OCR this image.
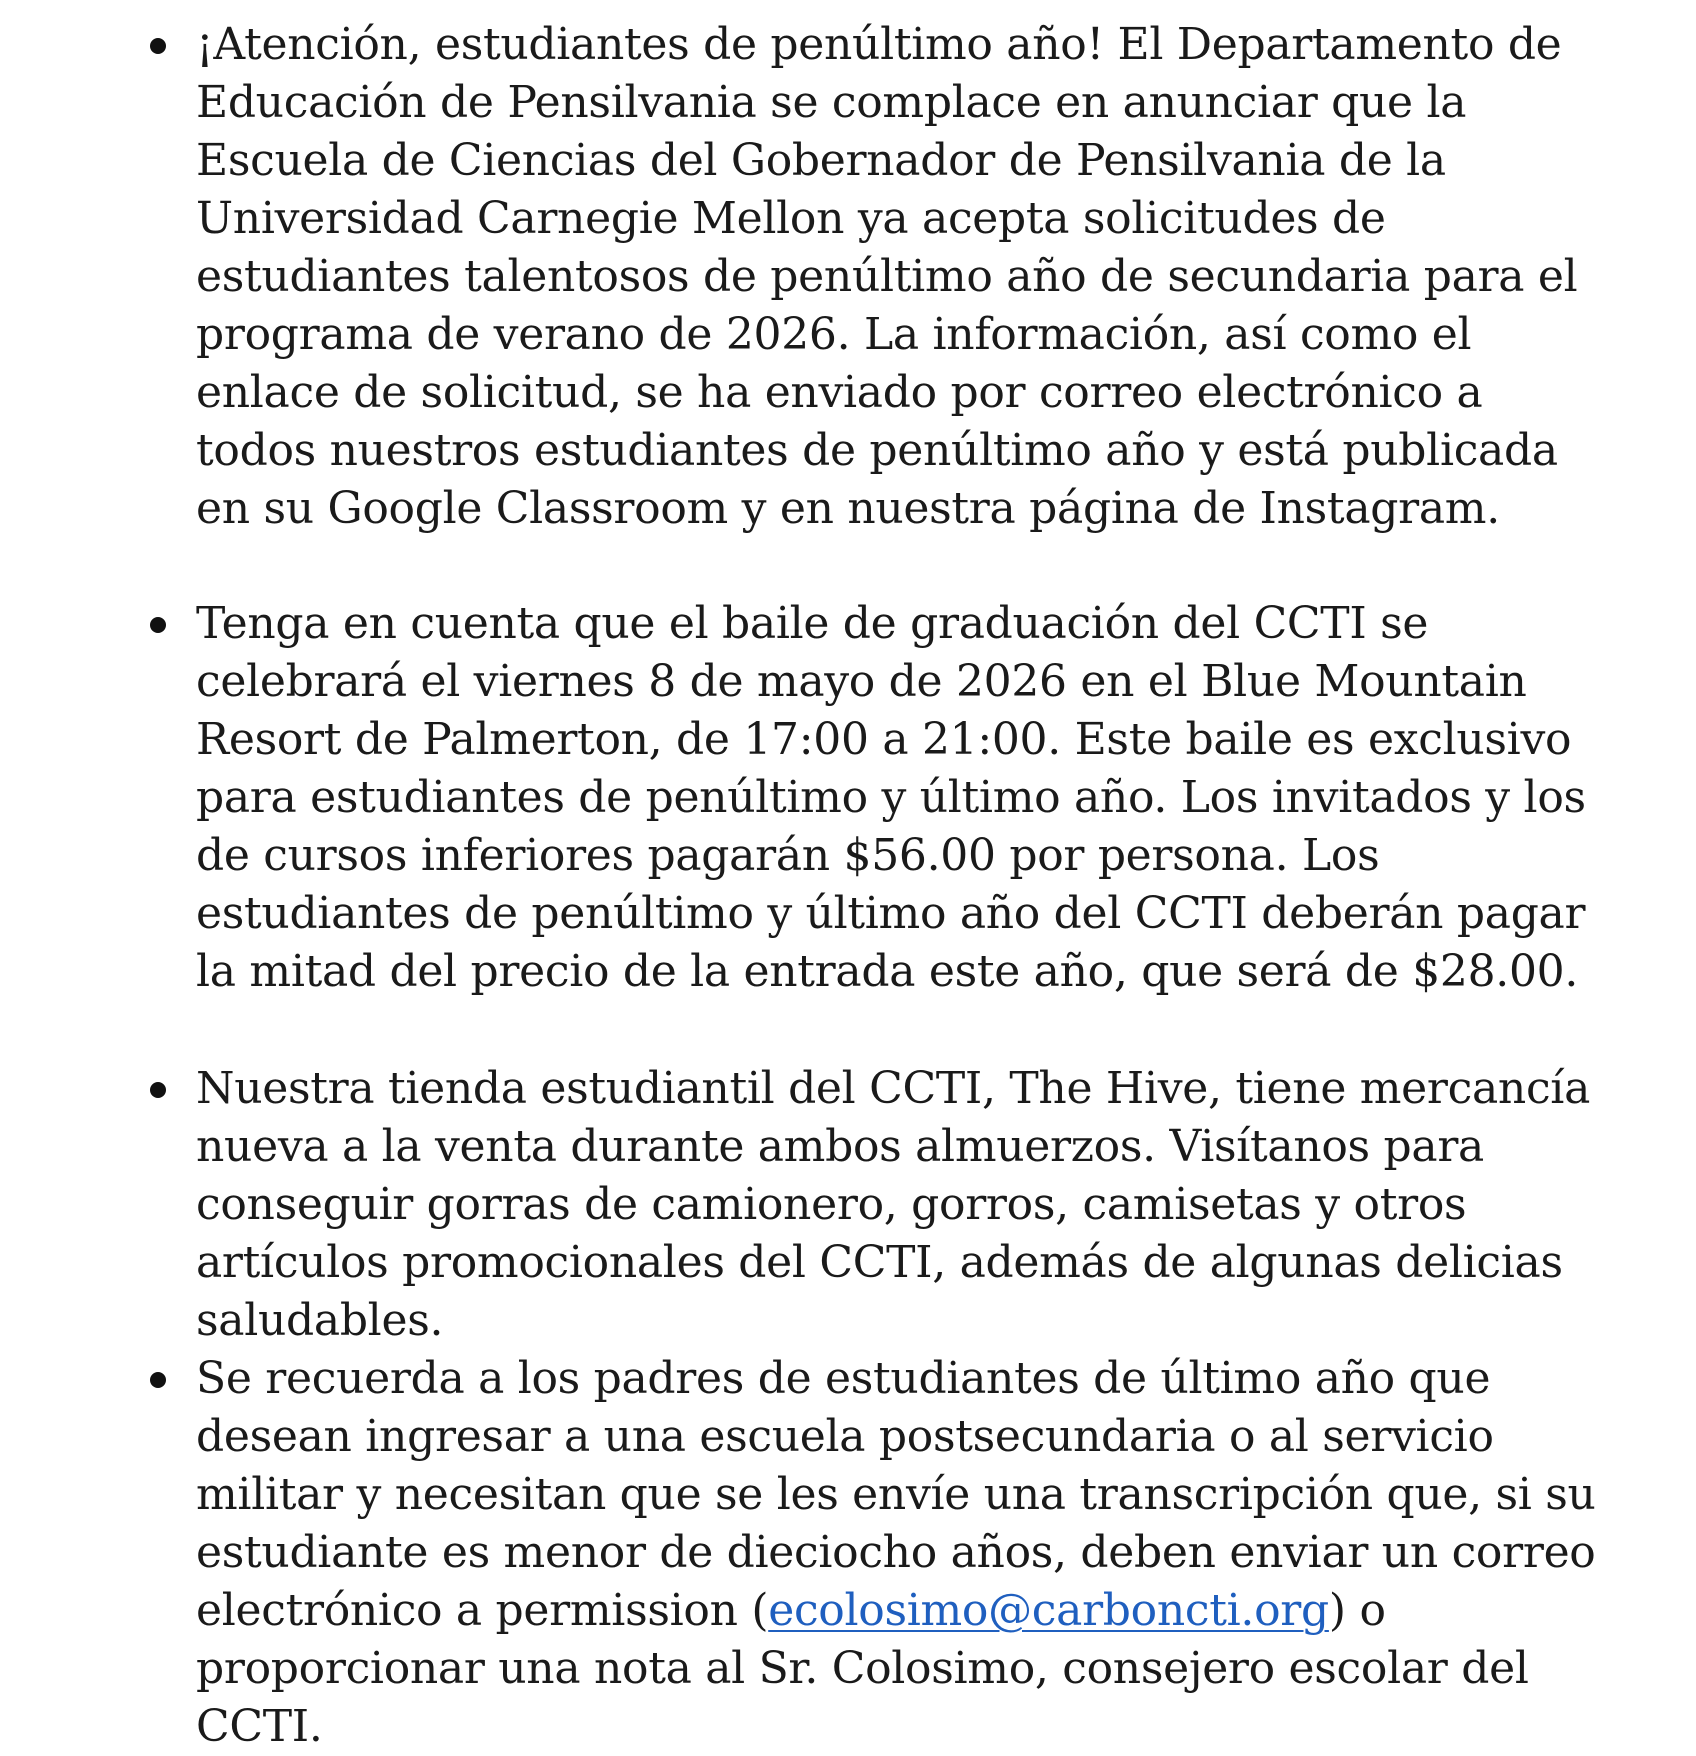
¡Atención, estudiantes de penúltimo año! El Departamento de Educación de Pensilvania se complace en anunciar que la Escuela de Ciencias del Gobernador de Pensilvania de la Universidad Carnegie Mellon ya acepta solicitudes de estudiantes talentosos de penúltimo año de secundaria para el programa de verano de 2026. La información, así como el enlace de solicitud, se ha enviado por correo electrónico a todos nuestros estudiantes de penúltimo año y está publicada en su Google Classroom y en nuestra página de Instagram.
Tenga en cuenta que el baile de graduación del CCTI se celebrará el viernes 8 de mayo de 2026 en el Blue Mountain Resort de Palmerton, de 17:00 a 21:00. Este baile es exclusivo para estudiantes de penúltimo y último año. Los invitados y los de cursos inferiores pagarán $56.00 por persona. Los estudiantes de penúltimo y último año del CCTI deberán pagar la mitad del precio de la entrada este año, que será de $28.00.
Nuestra tienda estudiantil del CCTI, The Hive, tiene mercancía nueva a la venta durante ambos almuerzos. Visítanos para conseguir gorras de camionero, gorros, camisetas y otros artículos promocionales del CCTI, además de algunas delicias saludables.
Se recuerda a los padres de estudiantes de último año que desean ingresar a una escuela postsecundaria o al servicio militar y necesitan que se les envíe una transcripción que, si su estudiante es menor de dieciocho años, deben enviar un correo electrónico a permission (ecolosimo@carboncti.org) o proporcionar una nota al Sr. Colosimo, consejero escolar del CCTI.
